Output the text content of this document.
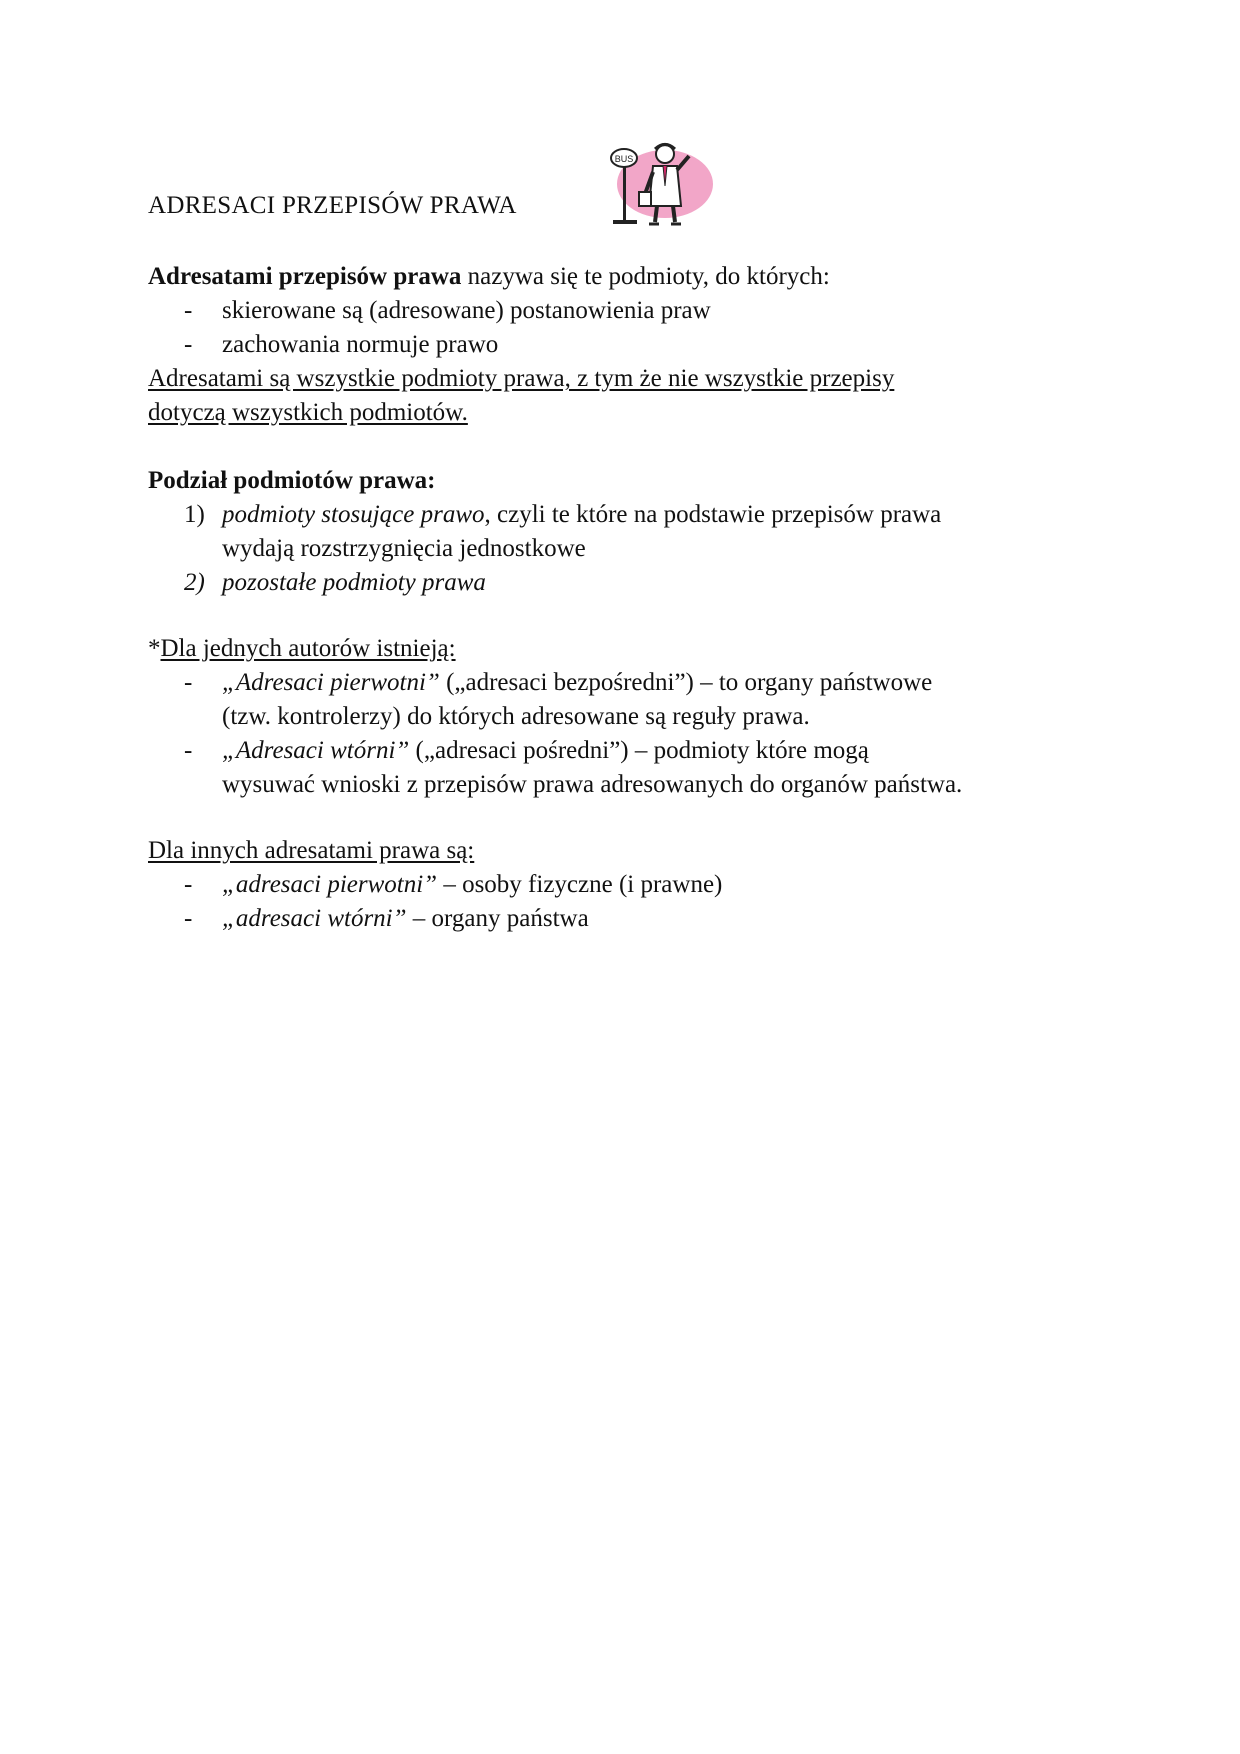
ADRESACI PRZEPISÓW PRAWA
BUS
Adresatami przepisów prawa nazywa się te podmioty, do których:
- skierowane są (adresowane) postanowienia praw
- zachowania normuje prawo
Adresatami są wszystkie podmioty prawa, z tym że nie wszystkie przepisy
dotyczą wszystkich podmiotów.
Podział podmiotów prawa:
1) podmioty stosujące prawo, czyli te które na podstawie przepisów prawa
wydają rozstrzygnięcia jednostkowe
2) pozostałe podmioty prawa
*Dla jednych autorów istnieją:
- „Adresaci pierwotni” („adresaci bezpośredni”) – to organy państwowe
(tzw. kontrolerzy) do których adresowane są reguły prawa.
- „Adresaci wtórni” („adresaci pośredni”) – podmioty które mogą
wysuwać wnioski z przepisów prawa adresowanych do organów państwa.
Dla innych adresatami prawa są:
- „adresaci pierwotni” – osoby fizyczne (i prawne)
- „adresaci wtórni” – organy państwa
